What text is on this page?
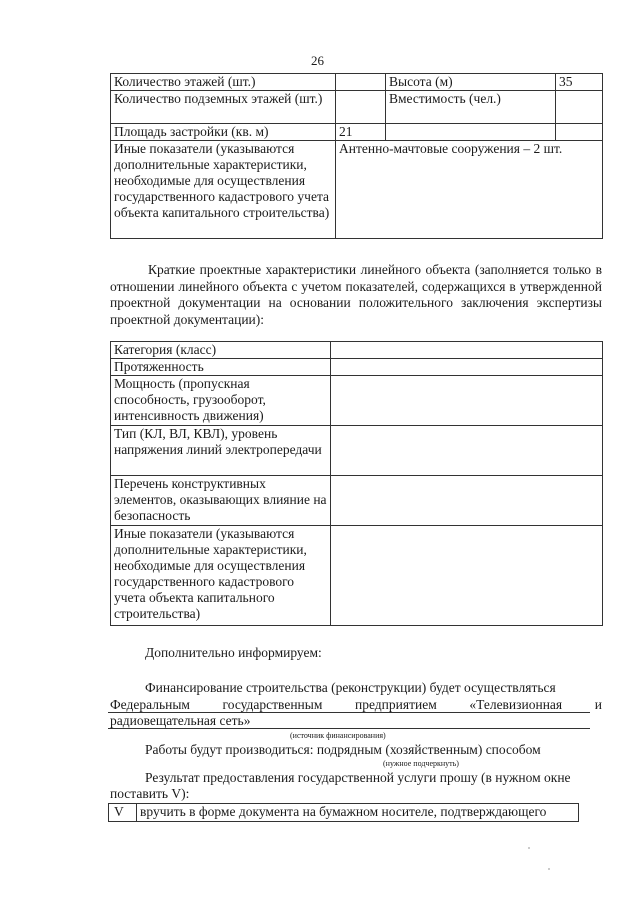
26
Количество этажей (шт.)		Высота (м)	35
Количество подземных этажей (шт.)		Вместимость (чел.)	
Площадь застройки (кв. м)	21		
Иные показатели (указываются дополнительные характеристики, необходимые для осуществления государственного кадастрового учета объекта капитального строительства)	Антенно-мачтовые сооружения – 2 шт.		
Краткие проектные характеристики линейного объекта (заполняется только в отношении линейного объекта с учетом показателей, содержащихся в утвержденной проектной документации на основании положительного заключения экспертизы проектной документации):
Категория (класс)	
Протяженность	
Мощность (пропускная способность, грузооборот, интенсивность движения)	
Тип (КЛ, ВЛ, КВЛ), уровень напряжения линий электропередачи	
Перечень конструктивных элементов, оказывающих влияние на безопасность	
Иные показатели (указываются дополнительные характеристики, необходимые для осуществления государственного кадастрового учета объекта капитального строительства)	
Дополнительно информируем:
Финансирование строительства (реконструкции) будет осуществляться
Федеральным государственным предприятием «Телевизионная и
радиовещательная сеть»
(источник финансирования)
Работы будут производиться: подрядным (хозяйственным) способом
(нужное подчеркнуть)
Результат предоставления государственной услуги прошу (в нужном окне
поставить V):
V	вручить в форме документа на бумажном носителе, подтверждающего
